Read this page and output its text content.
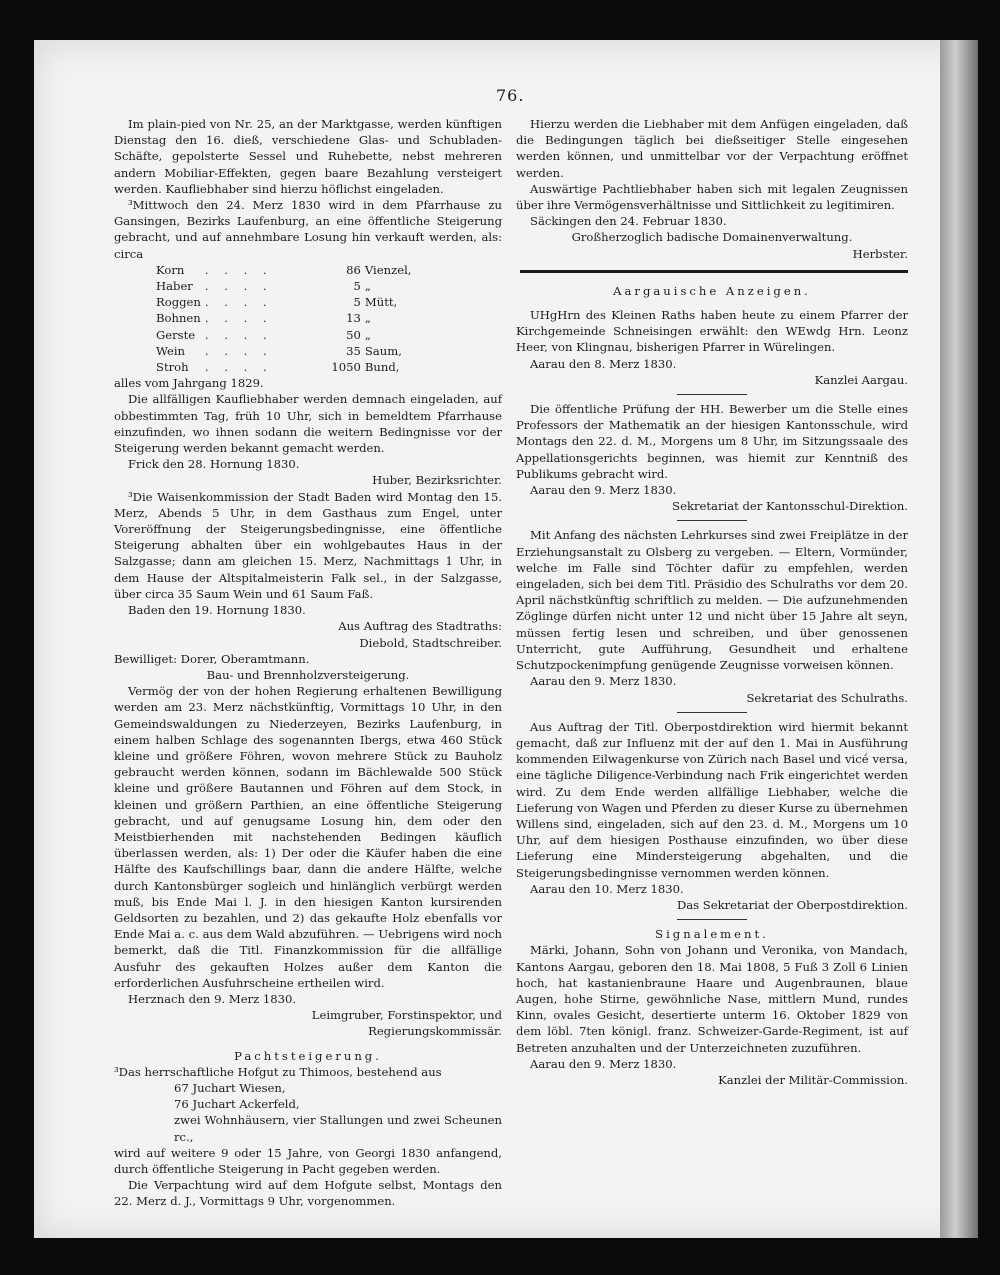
76.

Im plain-pied von Nr. 25, an der Marktgasse, werden künftigen Dienstag den 16. dieß, verschiedene Glas- und Schubladen-Schäfte, gepolsterte Sessel und Ruhebette, nebst mehreren andern Mobiliar-Effekten, gegen baare Bezahlung versteigert werden. Kaufliebhaber sind hierzu höflichst eingeladen.

³Mittwoch den 24. Merz 1830 wird in dem Pfarrhause zu Gansingen, Bezirks Laufenburg, an eine öffentliche Steigerung gebracht, und auf annehmbare Losung hin verkauft werden, als: circa

Korn	. . . .	86	Vienzel,
Haber	. . . .	5	„
Roggen	. . . .	5	Mütt,
Bohnen	. . . .	13	„
Gerste	. . . .	50	„
Wein	. . . .	35	Saum,
Stroh	. . . .	1050	Bund,

alles vom Jahrgang 1829.

Die allfälligen Kaufliebhaber werden demnach eingeladen, auf obbestimmten Tag, früh 10 Uhr, sich in bemeldtem Pfarrhause einzufinden, wo ihnen sodann die weitern Bedingnisse vor der Steigerung werden bekannt gemacht werden.

Frick den 28. Hornung 1830.

Huber, Bezirksrichter.

³Die Waisenkommission der Stadt Baden wird Montag den 15. Merz, Abends 5 Uhr, in dem Gasthaus zum Engel, unter Voreröffnung der Steigerungsbedingnisse, eine öffentliche Steigerung abhalten über ein wohlgebautes Haus in der Salzgasse; dann am gleichen 15. Merz, Nachmittags 1 Uhr, in dem Hause der Altspitalmeisterin Falk sel., in der Salzgasse, über circa 35 Saum Wein und 61 Saum Faß.

Baden den 19. Hornung 1830.

Aus Auftrag des Stadtraths:

Diebold, Stadtschreiber.

Bewilliget: Dorer, Oberamtmann.

Bau- und Brennholzversteigerung.

Vermög der von der hohen Regierung erhaltenen Bewilligung werden am 23. Merz nächstkünftig, Vormittags 10 Uhr, in den Gemeindswaldungen zu Niederzeyen, Bezirks Laufenburg, in einem halben Schlage des sogenannten Ibergs, etwa 460 Stück kleine und größere Föhren, wovon mehrere Stück zu Bauholz gebraucht werden können, sodann im Bächlewalde 500 Stück kleine und größere Bautannen und Föhren auf dem Stock, in kleinen und größern Parthien, an eine öffentliche Steigerung gebracht, und auf genugsame Losung hin, dem oder den Meistbierhenden mit nachstehenden Bedingen käuflich überlassen werden, als: 1) Der oder die Käufer haben die eine Hälfte des Kaufschillings baar, dann die andere Hälfte, welche durch Kantonsbürger sogleich und hinlänglich verbürgt werden muß, bis Ende Mai l. J. in den hiesigen Kanton kursirenden Geldsorten zu bezahlen, und 2) das gekaufte Holz ebenfalls vor Ende Mai a. c. aus dem Wald abzuführen. — Uebrigens wird noch bemerkt, daß die Titl. Finanzkommission für die allfällige Ausfuhr des gekauften Holzes außer dem Kanton die erforderlichen Ausfuhrscheine ertheilen wird.

Herznach den 9. Merz 1830.

Leimgruber, Forstinspektor, und

Regierungskommissär.

Pachtsteigerung.

³Das herrschaftliche Hofgut zu Thimoos, bestehend aus

67 Juchart Wiesen,

76 Juchart Ackerfeld,

zwei Wohnhäusern, vier Stallungen und zwei Scheunen rc.,

wird auf weitere 9 oder 15 Jahre, von Georgi 1830 anfangend, durch öffentliche Steigerung in Pacht gegeben werden.

Die Verpachtung wird auf dem Hofgute selbst, Montags den 22. Merz d. J., Vormittags 9 Uhr, vorgenommen.

Hierzu werden die Liebhaber mit dem Anfügen eingeladen, daß die Bedingungen täglich bei dießseitiger Stelle eingesehen werden können, und unmittelbar vor der Verpachtung eröffnet werden.

Auswärtige Pachtliebhaber haben sich mit legalen Zeugnissen über ihre Vermögensverhältnisse und Sittlichkeit zu legitimiren.

Säckingen den 24. Februar 1830.

Großherzoglich badische Domainenverwaltung.

Herbster.

Aargauische Anzeigen.

UHgHrn des Kleinen Raths haben heute zu einem Pfarrer der Kirchgemeinde Schneisingen erwählt: den WEwdg Hrn. Leonz Heer, von Klingnau, bisherigen Pfarrer in Würelingen.

Aarau den 8. Merz 1830.

Kanzlei Aargau.

Die öffentliche Prüfung der HH. Bewerber um die Stelle eines Professors der Mathematik an der hiesigen Kantonsschule, wird Montags den 22. d. M., Morgens um 8 Uhr, im Sitzungssaale des Appellationsgerichts beginnen, was hiemit zur Kenntniß des Publikums gebracht wird.

Aarau den 9. Merz 1830.

Sekretariat der Kantonsschul-Direktion.

Mit Anfang des nächsten Lehrkurses sind zwei Freiplätze in der Erziehungsanstalt zu Olsberg zu vergeben. — Eltern, Vormünder, welche im Falle sind Töchter dafür zu empfehlen, werden eingeladen, sich bei dem Titl. Präsidio des Schulraths vor dem 20. April nächstkünftig schriftlich zu melden. — Die aufzunehmenden Zöglinge dürfen nicht unter 12 und nicht über 15 Jahre alt seyn, müssen fertig lesen und schreiben, und über genossenen Unterricht, gute Aufführung, Gesundheit und erhaltene Schutzpockenimpfung genügende Zeugnisse vorweisen können.

Aarau den 9. Merz 1830.

Sekretariat des Schulraths.

Aus Auftrag der Titl. Oberpostdirektion wird hiermit bekannt gemacht, daß zur Influenz mit der auf den 1. Mai in Ausführung kommenden Eilwagenkurse von Zürich nach Basel und vicé versa, eine tägliche Diligence-Verbindung nach Frik eingerichtet werden wird. Zu dem Ende werden allfällige Liebhaber, welche die Lieferung von Wagen und Pferden zu dieser Kurse zu übernehmen Willens sind, eingeladen, sich auf den 23. d. M., Morgens um 10 Uhr, auf dem hiesigen Posthause einzufinden, wo über diese Lieferung eine Mindersteigerung abgehalten, und die Steigerungsbedingnisse vernommen werden können.

Aarau den 10. Merz 1830.

Das Sekretariat der Oberpostdirektion.

Signalement.

Märki, Johann, Sohn von Johann und Veronika, von Mandach, Kantons Aargau, geboren den 18. Mai 1808, 5 Fuß 3 Zoll 6 Linien hoch, hat kastanienbraune Haare und Augenbraunen, blaue Augen, hohe Stirne, gewöhnliche Nase, mittlern Mund, rundes Kinn, ovales Gesicht, desertierte unterm 16. Oktober 1829 von dem löbl. 7ten königl. franz. Schweizer-Garde-Regiment, ist auf Betreten anzuhalten und der Unterzeichneten zuzuführen.

Aarau den 9. Merz 1830.

Kanzlei der Militär-Commission.
